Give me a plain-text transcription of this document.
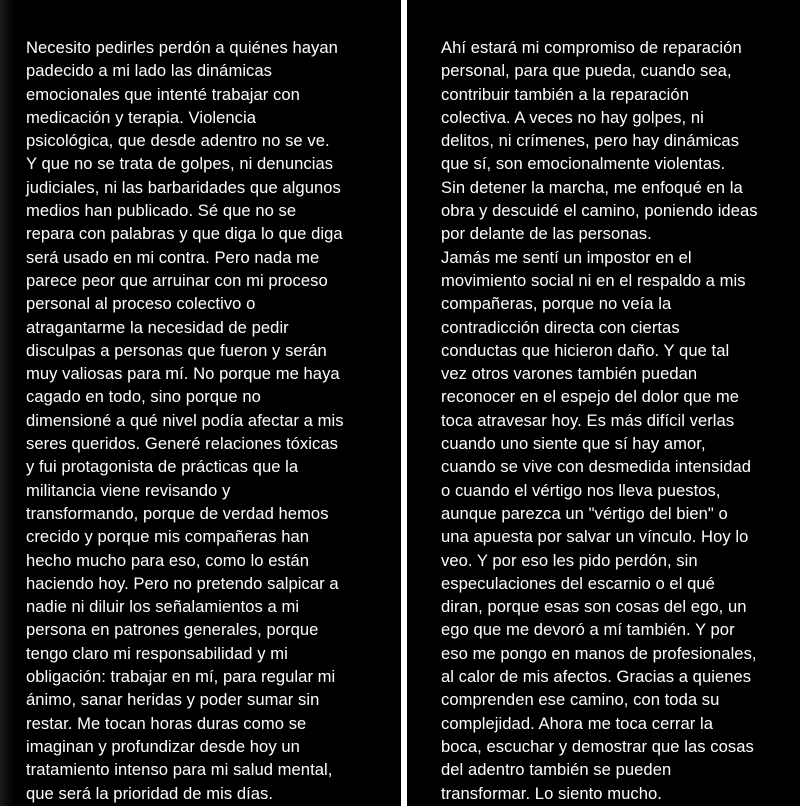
Necesito pedirles perdón a quiénes hayan
padecido a mi lado las dinámicas
emocionales que intenté trabajar con
medicación y terapia. Violencia
psicológica, que desde adentro no se ve.
Y que no se trata de golpes, ni denuncias
judiciales, ni las barbaridades que algunos
medios han publicado. Sé que no se
repara con palabras y que diga lo que diga
será usado en mi contra. Pero nada me
parece peor que arruinar con mi proceso
personal al proceso colectivo o
atragantarme la necesidad de pedir
disculpas a personas que fueron y serán
muy valiosas para mí. No porque me haya
cagado en todo, sino porque no
dimensioné a qué nivel podía afectar a mis
seres queridos. Generé relaciones tóxicas
y fui protagonista de prácticas que la
militancia viene revisando y
transformando, porque de verdad hemos
crecido y porque mis compañeras han
hecho mucho para eso, como lo están
haciendo hoy. Pero no pretendo salpicar a
nadie ni diluir los señalamientos a mi
persona en patrones generales, porque
tengo claro mi responsabilidad y mi
obligación: trabajar en mí, para regular mi
ánimo, sanar heridas y poder sumar sin
restar. Me tocan horas duras como se
imaginan y profundizar desde hoy un
tratamiento intenso para mi salud mental,
que será la prioridad de mis días.
Ahí estará mi compromiso de reparación
personal, para que pueda, cuando sea,
contribuir también a la reparación
colectiva. A veces no hay golpes, ni
delitos, ni crímenes, pero hay dinámicas
que sí, son emocionalmente violentas.
Sin detener la marcha, me enfoqué en la
obra y descuidé el camino, poniendo ideas
por delante de las personas.
Jamás me sentí un impostor en el
movimiento social ni en el respaldo a mis
compañeras, porque no veía la
contradicción directa con ciertas
conductas que hicieron daño. Y que tal
vez otros varones también puedan
reconocer en el espejo del dolor que me
toca atravesar hoy. Es más difícil verlas
cuando uno siente que sí hay amor,
cuando se vive con desmedida intensidad
o cuando el vértigo nos lleva puestos,
aunque parezca un "vértigo del bien" o
una apuesta por salvar un vínculo. Hoy lo
veo. Y por eso les pido perdón, sin
especulaciones del escarnio o el qué
diran, porque esas son cosas del ego, un
ego que me devoró a mí también. Y por
eso me pongo en manos de profesionales,
al calor de mis afectos. Gracias a quienes
comprenden ese camino, con toda su
complejidad. Ahora me toca cerrar la
boca, escuchar y demostrar que las cosas
del adentro también se pueden
transformar. Lo siento mucho.
